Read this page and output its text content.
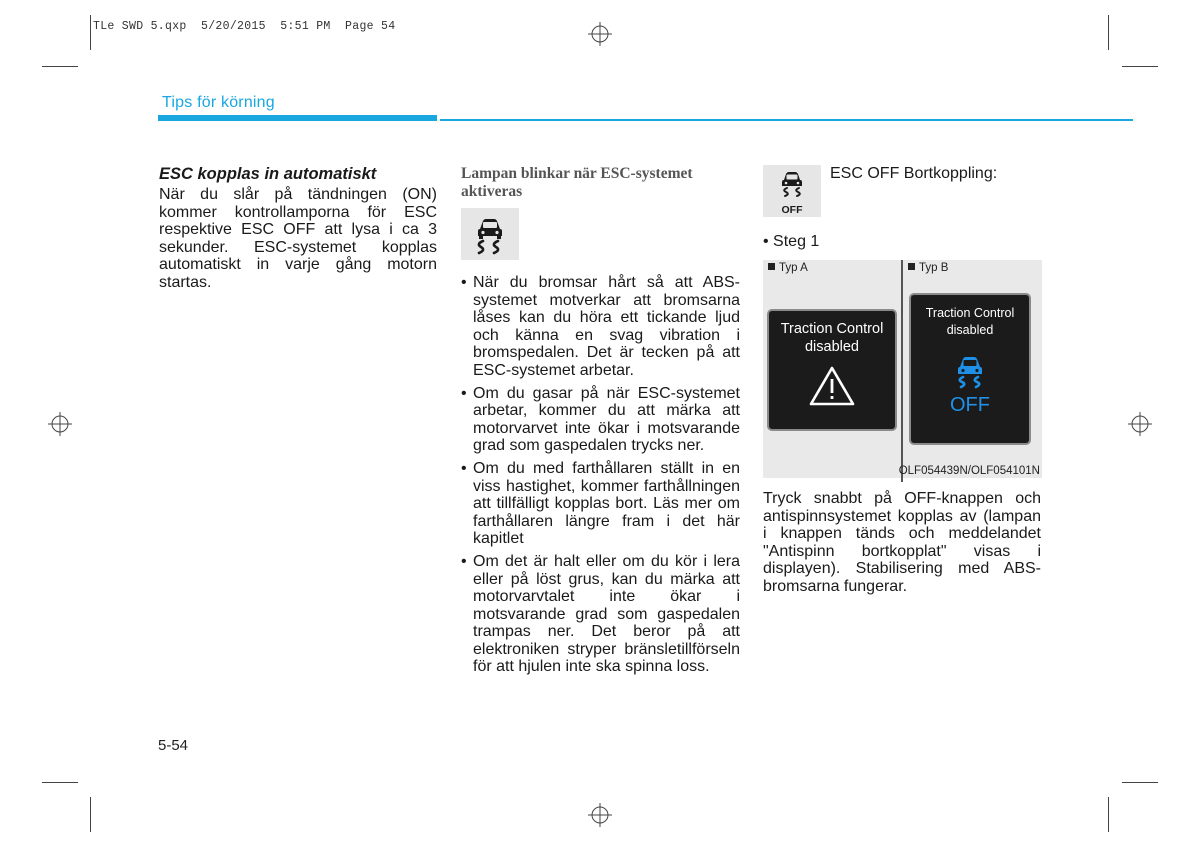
TLe SWD 5.qxp  5/20/2015  5:51 PM  Page 54
Tips för körning

ESC kopplas in automatiskt

När du slår på tändningen (ON) kommer kontrollamporna för ESC respektive ESC OFF att lysa i ca 3 sekunder. ESC-systemet kopplas automatiskt in varje gång motorn startas.

Lampan blinkar när ESC-systemet aktiveras

• När du bromsar hårt så att ABS-systemet motverkar att bromsarna låses kan du höra ett tickande ljud och känna en svag vibration i bromspedalen. Det är tecken på att ESC-systemet arbetar.
• Om du gasar på när ESC-systemet arbetar, kommer du att märka att motorvarvet inte ökar i motsvarande grad som gaspedalen trycks ner.
• Om du med farthållaren ställt in en viss hastighet, kommer farthållningen att tillfälligt kopplas bort. Läs mer om farthållaren längre fram i det här kapitlet
• Om det är halt eller om du kör i lera eller på löst grus, kan du märka att motorvarvtalet inte ökar i motsvarande grad som gaspedalen trampas ner. Det beror på att elektroniken stryper bränsletillförseln för att hjulen inte ska spinna loss.
OFF
ESC OFF Bortkoppling:
• Steg 1
Typ A	Typ B
Traction Control
disabled
Traction Control
disabled
OFF
OLF054439N/OLF054101N

Tryck snabbt på OFF-knappen och antispinnsystemet kopplas av (lampan i knappen tänds och meddelandet "Antispinn bortkopplat" visas i displayen). Stabilisering med ABS-bromsarna fungerar.

5-54
